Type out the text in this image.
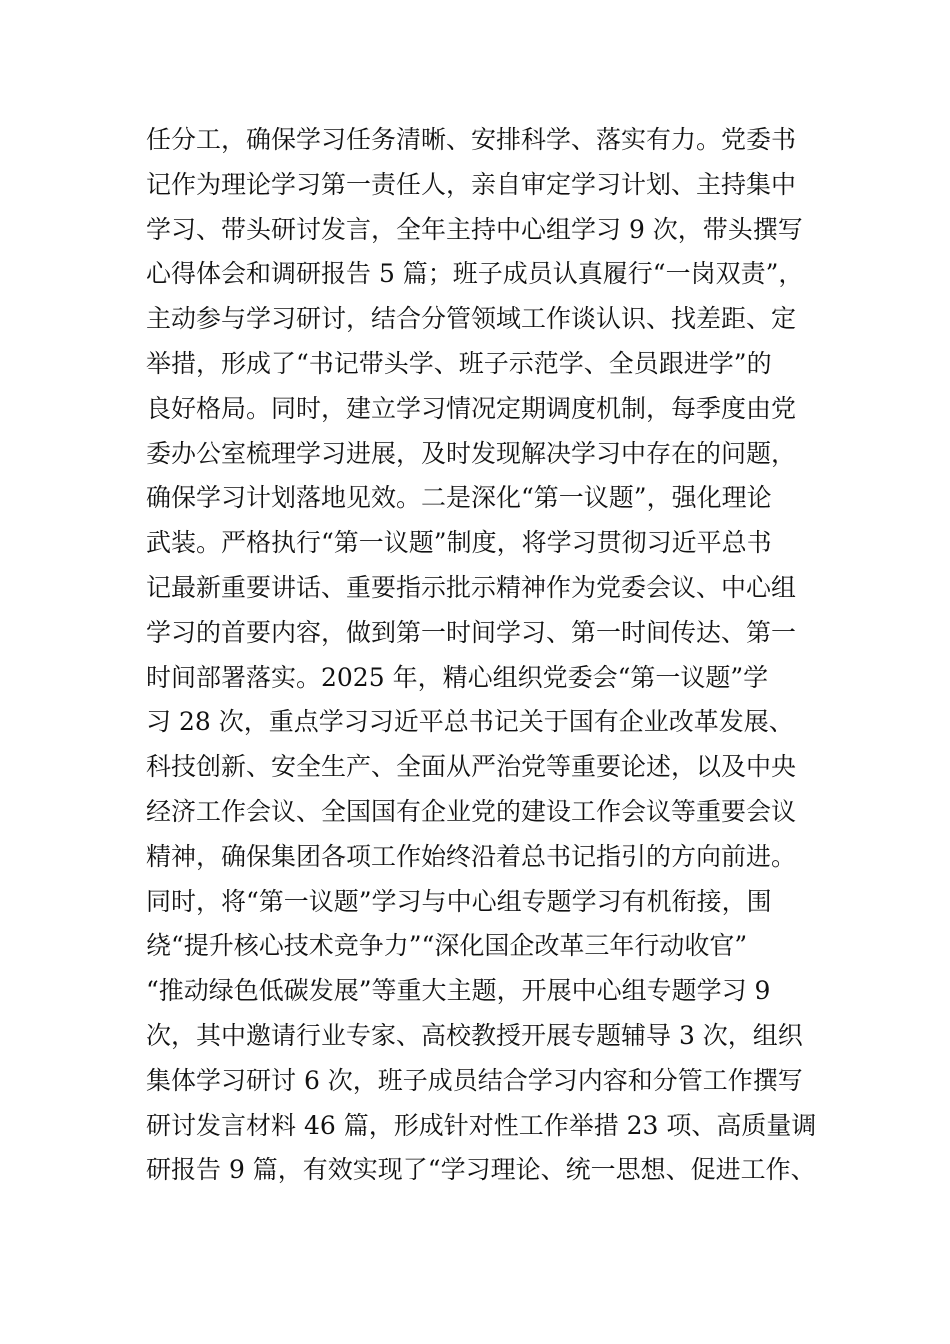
任分工，确保学习任务清晰、安排科学、落实有力。党委书
记作为理论学习第一责任人，亲自审定学习计划、主持集中
学习、带头研讨发言，全年主持中心组学习 9 次，带头撰写
心得体会和调研报告 5 篇；班子成员认真履行“一岗双责”，
主动参与学习研讨，结合分管领域工作谈认识、找差距、定
举措，形成了“书记带头学、班子示范学、全员跟进学”的
良好格局。同时，建立学习情况定期调度机制，每季度由党
委办公室梳理学习进展，及时发现解决学习中存在的问题，
确保学习计划落地见效。二是深化“第一议题”，强化理论
武装。严格执行“第一议题”制度，将学习贯彻习近平总书
记最新重要讲话、重要指示批示精神作为党委会议、中心组
学习的首要内容，做到第一时间学习、第一时间传达、第一
时间部署落实。2025 年，精心组织党委会“第一议题”学
习 28 次，重点学习习近平总书记关于国有企业改革发展、
科技创新、安全生产、全面从严治党等重要论述，以及中央
经济工作会议、全国国有企业党的建设工作会议等重要会议
精神，确保集团各项工作始终沿着总书记指引的方向前进。
同时，将“第一议题”学习与中心组专题学习有机衔接，围
绕“提升核心技术竞争力”“深化国企改革三年行动收官”
“推动绿色低碳发展”等重大主题，开展中心组专题学习 9
次，其中邀请行业专家、高校教授开展专题辅导 3 次，组织
集体学习研讨 6 次，班子成员结合学习内容和分管工作撰写
研讨发言材料 46 篇，形成针对性工作举措 23 项、高质量调
研报告 9 篇，有效实现了“学习理论、统一思想、促进工作、
